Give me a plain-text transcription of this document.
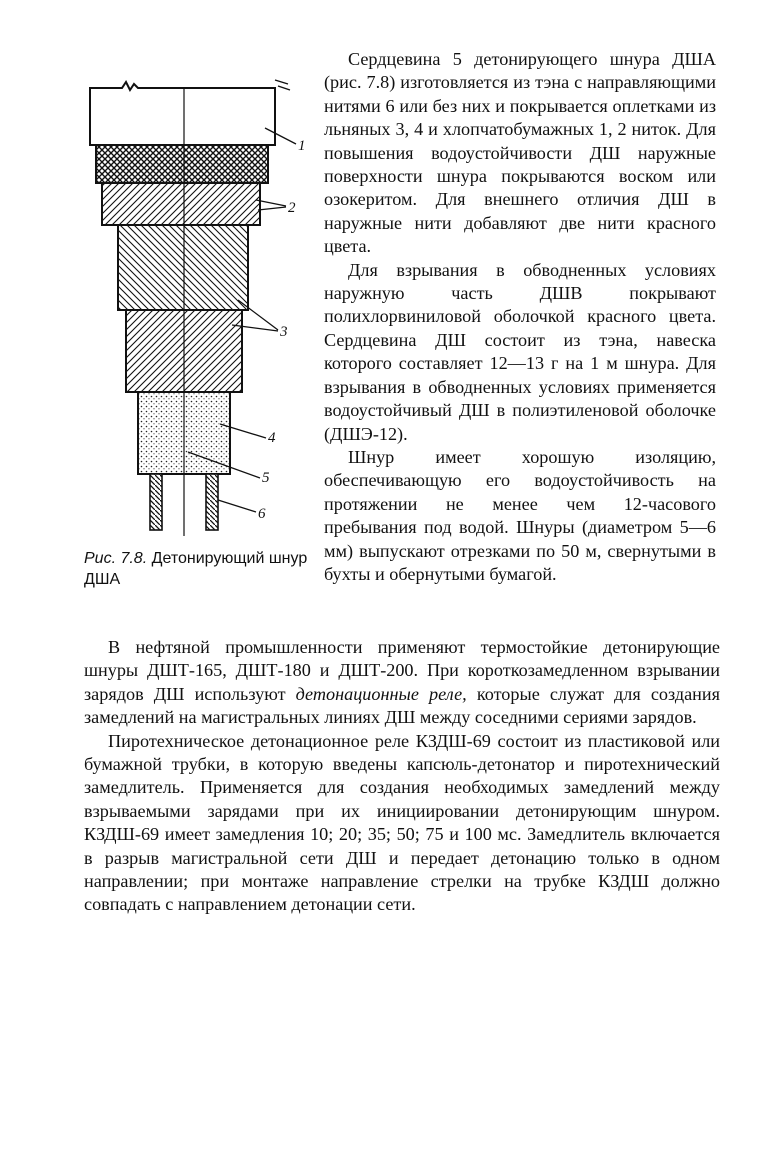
1
2
3
4
5
6
Рис. 7.8. Детонирующий шнур ДША

Сердцевина 5 детонирующего шнура ДША (рис. 7.8) изготовляется из тэна с направляющими нитями 6 или без них и покрывается оплетками из льняных 3, 4 и хлопчатобумажных 1, 2 ниток. Для повышения водоустойчивости ДШ наружные поверхности шнура покрываются воском или озокеритом. Для внешнего отличия ДШ в наружные нити добавляют две нити красного цвета.

Для взрывания в обводненных условиях наружную часть ДШВ покрывают полихлорвиниловой оболочкой красного цвета. Сердцевина ДШ состоит из тэна, навеска которого составляет 12—13 г на 1 м шнура. Для взрывания в обводненных условиях применяется водоустойчивый ДШ в полиэтиленовой оболочке (ДШЭ-12).

Шнур имеет хорошую изоляцию, обеспечивающую его водоустойчивость на протяжении не менее чем 12-часового пребывания под водой. Шнуры (диаметром 5—6 мм) выпускают отрезками по 50 м, свернутыми в бухты и обернутыми бумагой.

В нефтяной промышленности применяют термостойкие детонирующие шнуры ДШТ-165, ДШТ-180 и ДШТ-200. При короткозамедленном взрывании зарядов ДШ используют детонационные реле, которые служат для создания замедлений на магистральных линиях ДШ между соседними сериями зарядов.

Пиротехническое детонационное реле КЗДШ-69 состоит из пластиковой или бумажной трубки, в которую введены капсюль-детонатор и пиротехнический замедлитель. Применяется для создания необходимых замедлений между взрываемыми зарядами при их инициировании детонирующим шнуром. КЗДШ-69 имеет замедления 10; 20; 35; 50; 75 и 100 мс. Замедлитель включается в разрыв магистральной сети ДШ и передает детонацию только в одном направлении; при монтаже направление стрелки на трубке КЗДШ должно совпадать с направлением детонации сети.
